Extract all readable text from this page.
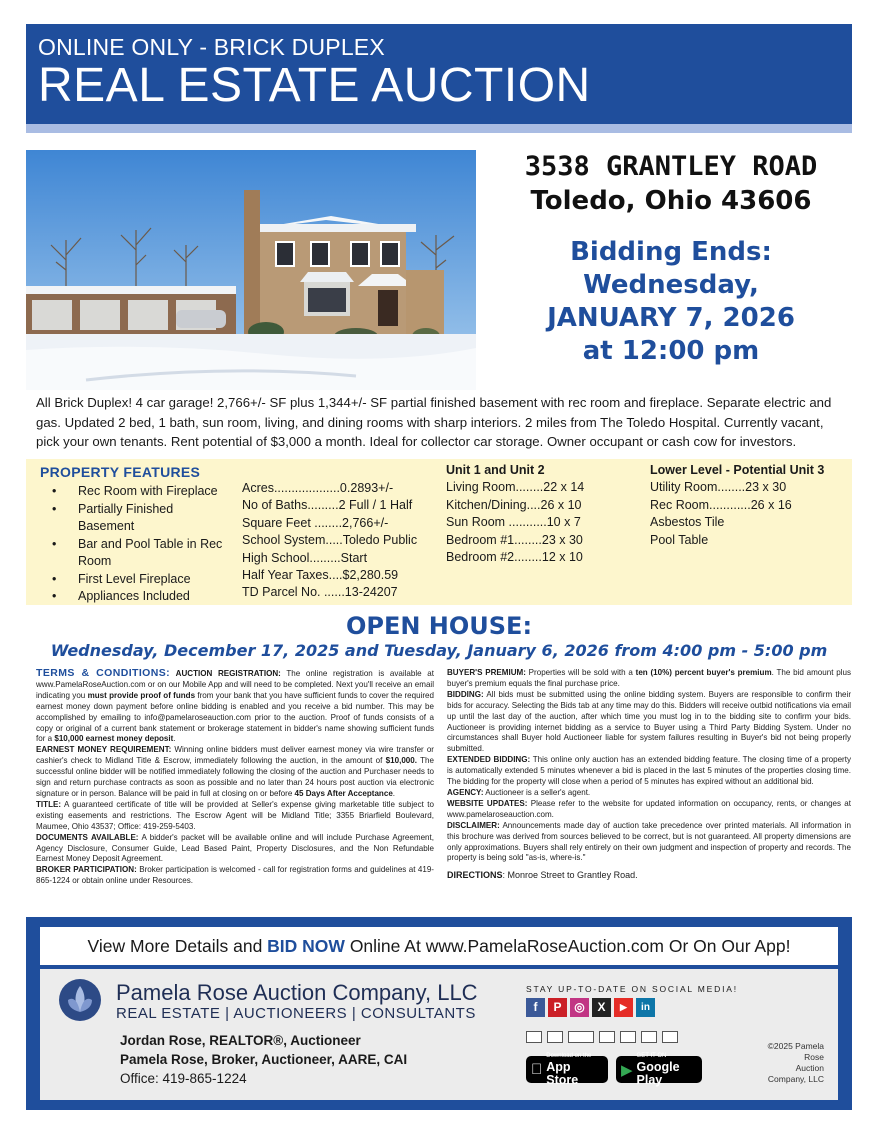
ONLINE ONLY - BRICK DUPLEX
REAL ESTATE AUCTION
3538 GRANTLEY ROAD
Toledo, Ohio 43606
Bidding Ends:
Wednesday,
JANUARY 7, 2026
at 12:00 pm
All Brick Duplex! 4 car garage! 2,766+/- SF plus 1,344+/- SF partial finished basement with rec room and fireplace. Separate electric and gas. Updated 2 bed, 1 bath, sun room, living, and dining rooms with sharp interiors. 2 miles from The Toledo Hospital. Currently vacant, pick your own tenants. Rent potential of $3,000 a month. Ideal for collector car storage. Owner occupant or cash cow for investors.
PROPERTY FEATURES
• Rec Room with Fireplace
• Partially Finished Basement
• Bar and Pool Table in Rec Room
• First Level Fireplace
• Appliances Included
Acres...................0.2893+/-
No of Baths.........2 Full / 1 Half
Square Feet ........2,766+/-
School System.....Toledo Public
High School.........Start
Half Year Taxes....$2,280.59
TD Parcel No. ......13-24207
Unit 1 and Unit 2
Living Room........22 x 14
Kitchen/Dining....26 x 10
Sun Room ...........10 x 7
Bedroom #1........23 x 30
Bedroom #2........12 x 10
Lower Level - Potential Unit 3
Utility Room........23 x 30
Rec Room............26 x 16
Asbestos Tile
Pool Table
OPEN HOUSE:
Wednesday, December 17, 2025 and Tuesday, January 6, 2026 from 4:00 pm - 5:00 pm

TERMS & CONDITIONS: AUCTION REGISTRATION: The online registration is available at www.PamelaRoseAuction.com or on our Mobile App and will need to be completed. Next you'll receive an email indicating you must provide proof of funds from your bank that you have sufficient funds to cover the required earnest money down payment before online bidding is enabled and you receive a bid number. This may be accomplished by emailing to info@pamelaroseauction.com prior to the auction. Proof of funds consists of a copy or original of a current bank statement or brokerage statement in bidder's name showing sufficient funds for a $10,000 earnest money deposit.

EARNEST MONEY REQUIREMENT: Winning online bidders must deliver earnest money via wire transfer or cashier's check to Midland Title & Escrow, immediately following the auction, in the amount of $10,000. The successful online bidder will be notified immediately following the closing of the auction and Purchaser needs to sign and return purchase contracts as soon as possible and no later than 24 hours post auction via electronic signature or in person. Balance will be paid in full at closing on or before 45 Days After Acceptance.

TITLE: A guaranteed certificate of title will be provided at Seller's expense giving marketable title subject to existing easements and restrictions. The Escrow Agent will be Midland Title; 3355 Briarfield Boulevard, Maumee, Ohio 43537; Office: 419-259-5403.

DOCUMENTS AVAILABLE: A bidder's packet will be available online and will include Purchase Agreement, Agency Disclosure, Consumer Guide, Lead Based Paint, Property Disclosures, and the Non Refundable Earnest Money Deposit Agreement.

BROKER PARTICIPATION: Broker participation is welcomed - call for registration forms and guidelines at 419-865-1224 or obtain online under Resources.

BUYER'S PREMIUM: Properties will be sold with a ten (10%) percent buyer's premium. The bid amount plus buyer's premium equals the final purchase price.

BIDDING: All bids must be submitted using the online bidding system. Buyers are responsible to confirm their bids for accuracy. Selecting the Bids tab at any time may do this. Bidders will receive outbid notifications via email up until the last day of the auction, after which time you must log in to the bidding site to confirm your bids. Auctioneer is providing internet bidding as a service to Buyer using a Third Party Bidding System. Under no circumstances shall Buyer hold Auctioneer liable for system failures resulting in Buyer's bid not being properly submitted.

EXTENDED BIDDING: This online only auction has an extended bidding feature. The closing time of a property is automatically extended 5 minutes whenever a bid is placed in the last 5 minutes of the properties closing time. The bidding for the property will close when a period of 5 minutes has expired without an additional bid.

AGENCY: Auctioneer is a seller's agent.

WEBSITE UPDATES: Please refer to the website for updated information on occupancy, rents, or changes at www.pamelaroseauction.com.

DISCLAIMER: Announcements made day of auction take precedence over printed materials. All information in this brochure was derived from sources believed to be correct, but is not guaranteed. All property dimensions are only approximations. Buyers shall rely entirely on their own judgment and inspection of property and records. The property is being sold "as-is, where-is."

DIRECTIONS: Monroe Street to Grantley Road.

View More Details and BID NOW Online At www.PamelaRoseAuction.com Or On Our App!
Pamela Rose Auction Company, LLC
REAL ESTATE | AUCTIONEERS | CONSULTANTS
Jordan Rose, REALTOR®, Auctioneer
Pamela Rose, Broker, Auctioneer, AARE, CAI
Office: 419-865-1224
STAY UP-TO-DATE ON SOCIAL MEDIA!
f	P	◎	X	▶	in
Download on the
App Store ▶
GET IT ON
Google Play
©2025 Pamela
Rose
Auction
Company, LLC
